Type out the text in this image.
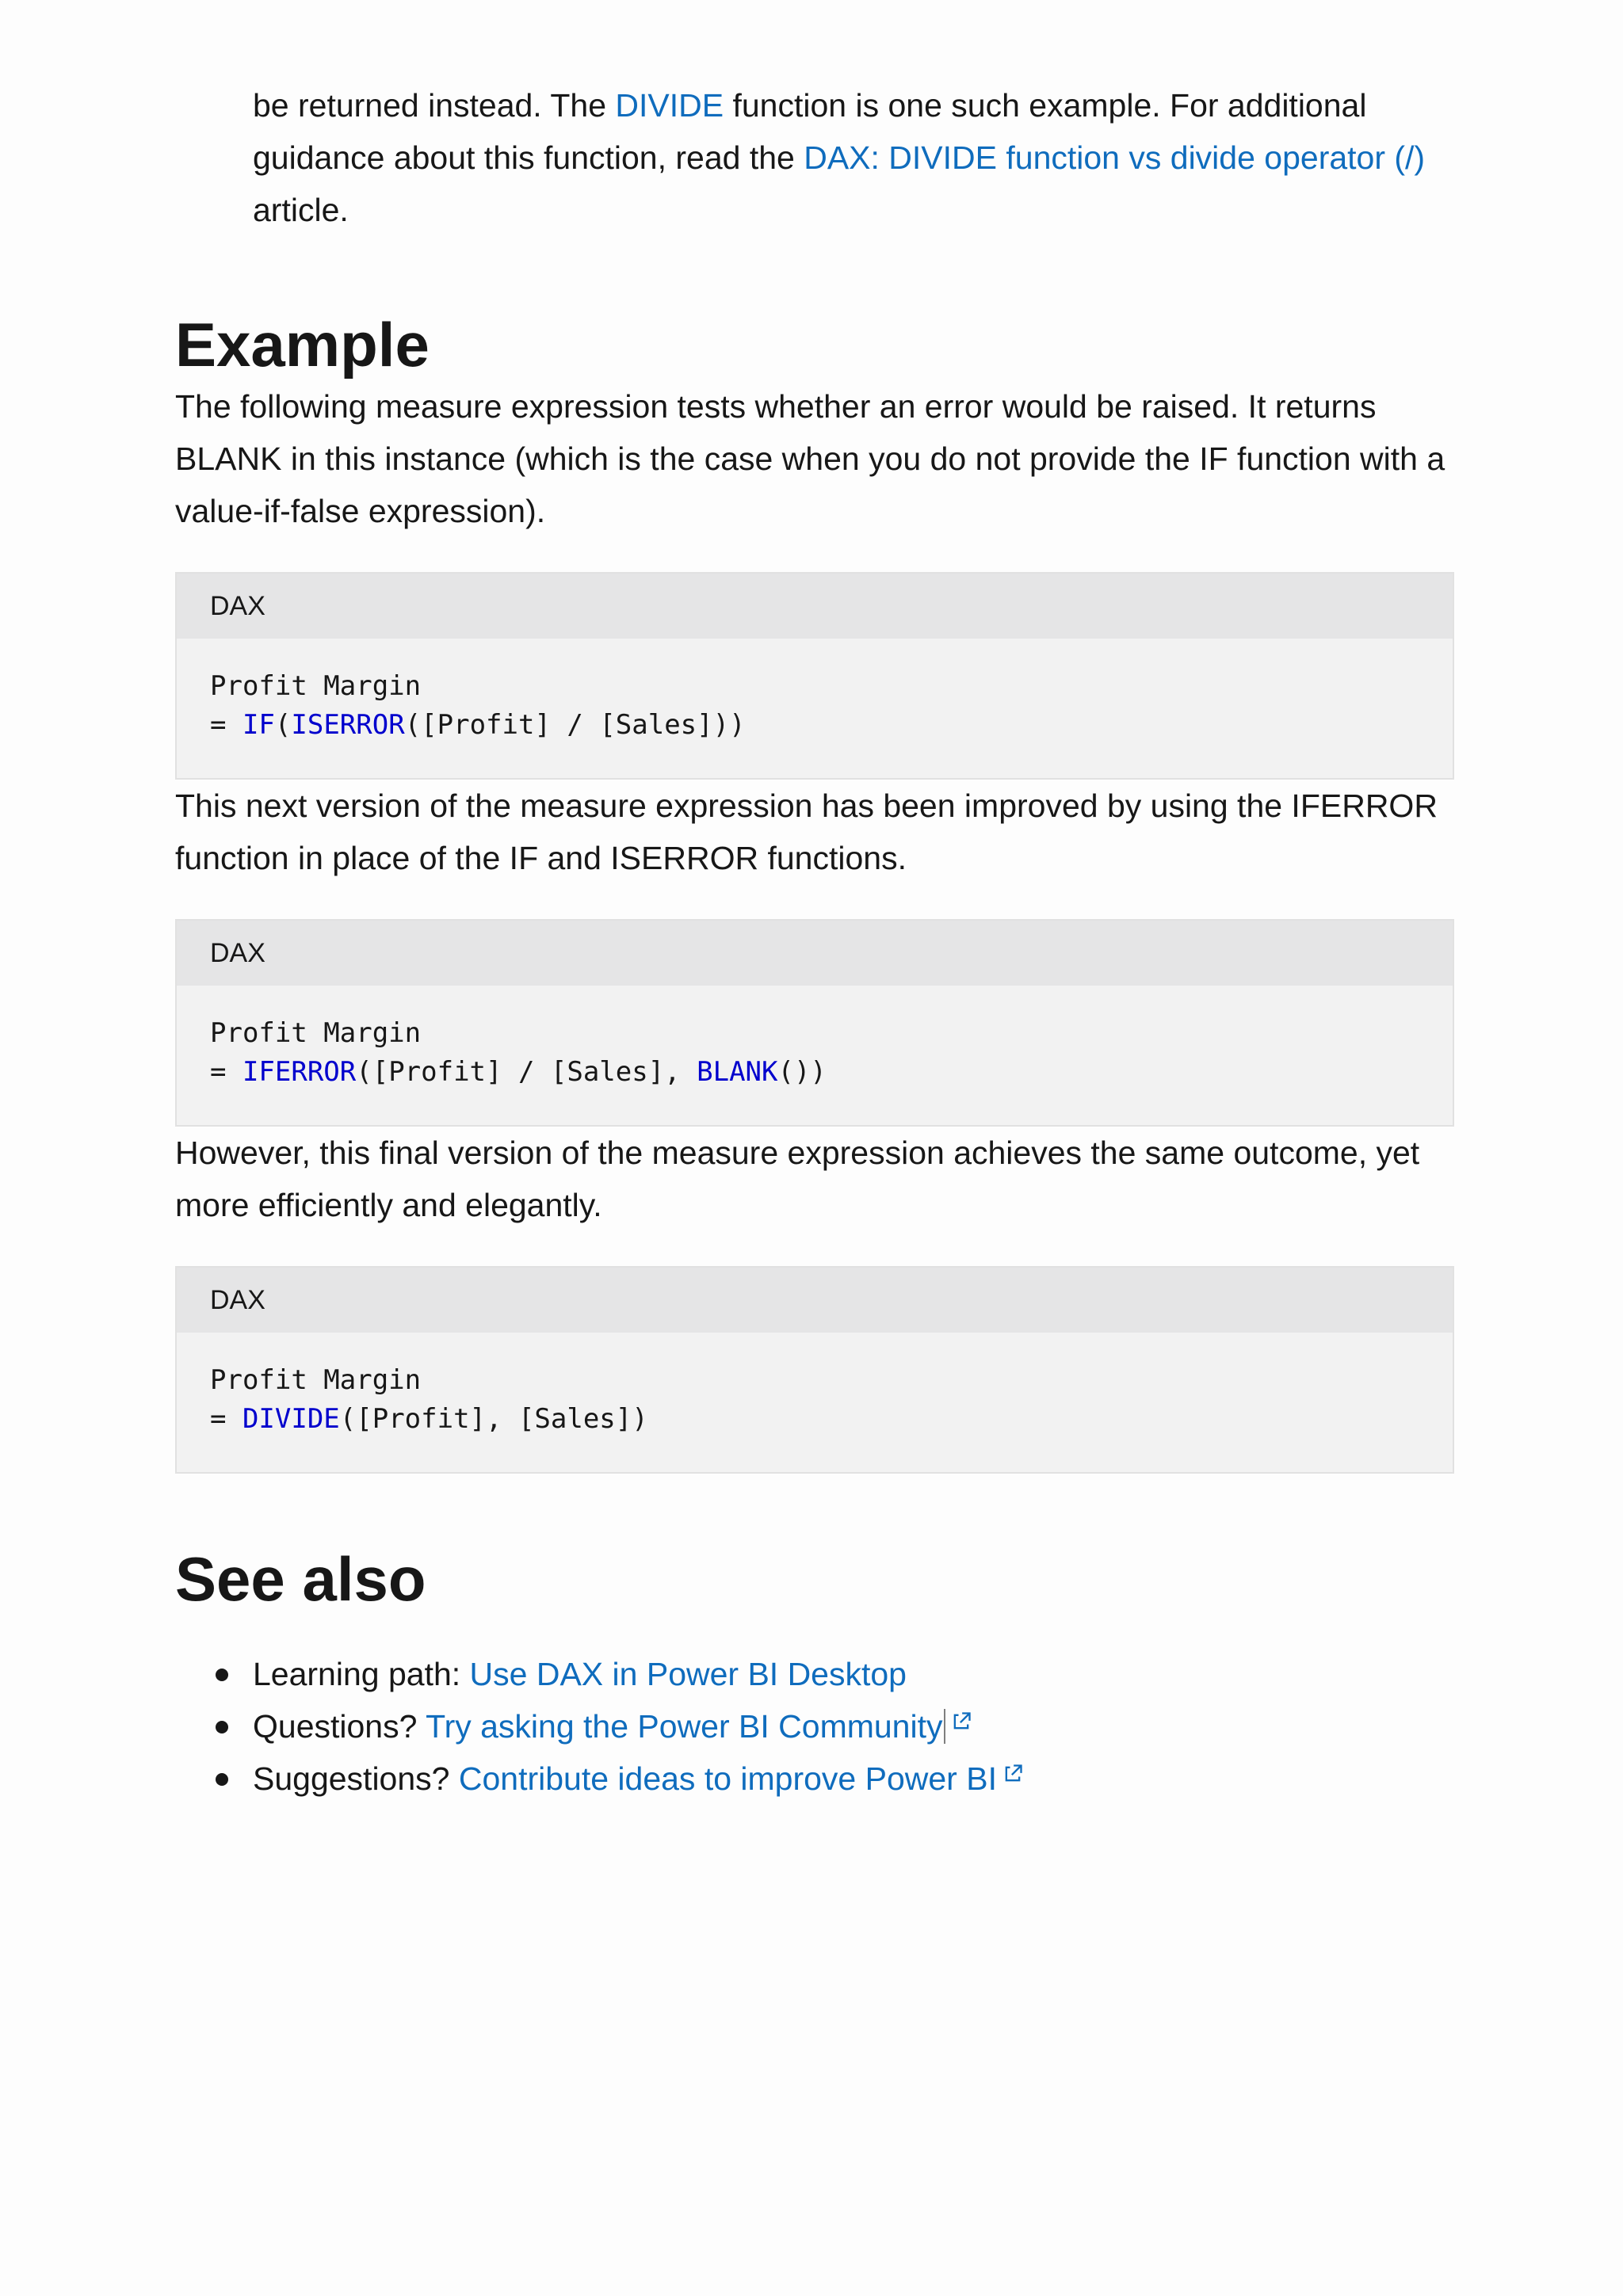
be returned instead. The DIVIDE function is one such example. For additional guidance about this function, read the DAX: DIVIDE function vs divide operator (/) article.

Example

The following measure expression tests whether an error would be raised. It returns BLANK in this instance (which is the case when you do not provide the IF function with a value-if-false expression).

DAX
Profit Margin
= IF(ISERROR([Profit] / [Sales]))

This next version of the measure expression has been improved by using the IFERROR function in place of the IF and ISERROR functions.

DAX
Profit Margin
= IFERROR([Profit] / [Sales], BLANK())

However, this final version of the measure expression achieves the same outcome, yet more efficiently and elegantly.

DAX
Profit Margin
= DIVIDE([Profit], [Sales])
See also
Learning path: Use DAX in Power BI Desktop
Questions? Try asking the Power BI Community
Suggestions? Contribute ideas to improve Power BI
